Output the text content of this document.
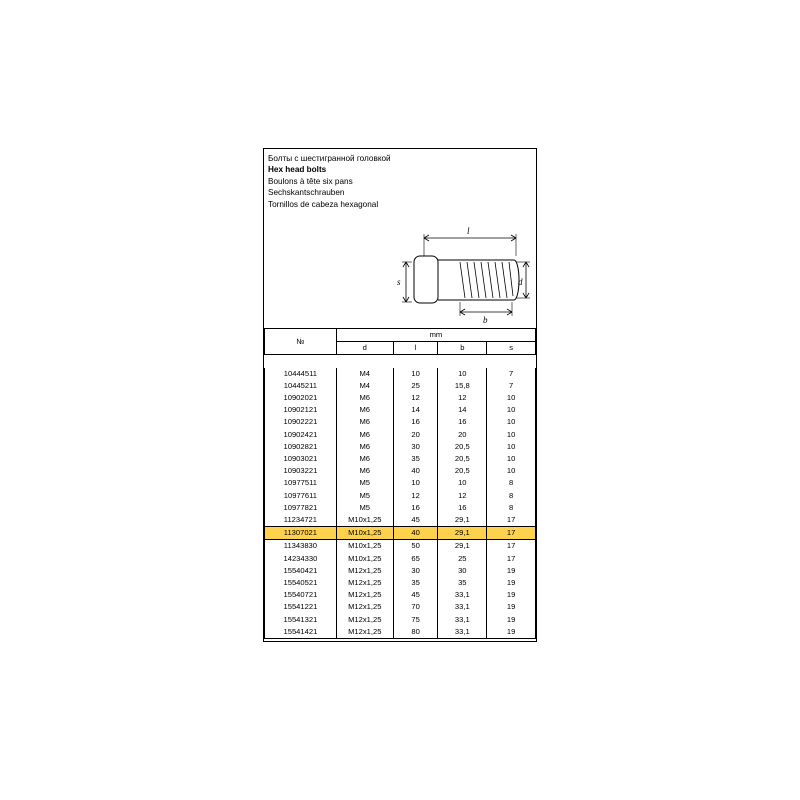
Болты с шестигранной головкой
Hex head bolts
Boulons à tête six pans
Sechskantschrauben
Tornillos de cabeza hexagonal
l
b
s	d
№	mm			
	d	l	b	s

10444511	M4	10	10	7
10445211	M4	25	15,8	7
10902021	M6	12	12	10
10902121	M6	14	14	10
10902221	M6	16	16	10
10902421	M6	20	20	10
10902821	M6	30	20,5	10
10903021	M6	35	20,5	10
10903221	M6	40	20,5	10
10977511	M5	10	10	8
10977611	M5	12	12	8
10977821	M5	16	16	8
11234721	M10x1,25	45	29,1	17
11307021	M10x1,25	40	29,1	17
11343830	M10x1,25	50	29,1	17
14234330	M10x1,25	65	25	17
15540421	M12x1,25	30	30	19
15540521	M12x1,25	35	35	19
15540721	M12x1,25	45	33,1	19
15541221	M12x1,25	70	33,1	19
15541321	M12x1,25	75	33,1	19
15541421	M12x1,25	80	33,1	19
